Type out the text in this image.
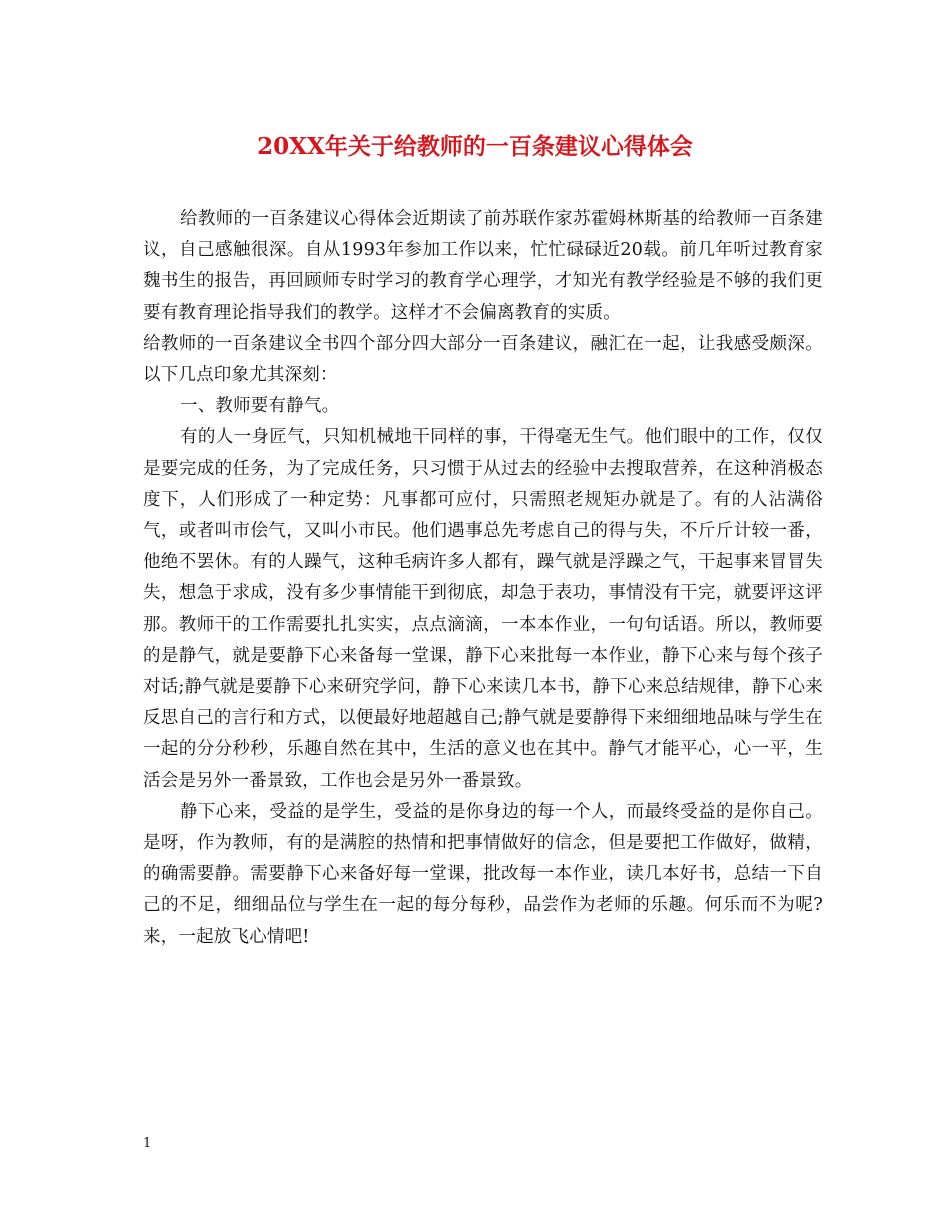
20XX年关于给教师的一百条建议心得体会

给教师的一百条建议心得体会近期读了前苏联作家苏霍姆林斯基的给教师一百条建议，自己感触很深。自从1993年参加工作以来，忙忙碌碌近20载。前几年听过教育家魏书生的报告，再回顾师专时学习的教育学心理学，才知光有教学经验是不够的我们更要有教育理论指导我们的教学。这样才不会偏离教育的实质。

给教师的一百条建议全书四个部分四大部分一百条建议，融汇在一起，让我感受颇深。以下几点印象尤其深刻：

一、教师要有静气。

有的人一身匠气，只知机械地干同样的事，干得毫无生气。他们眼中的工作，仅仅是要完成的任务，为了完成任务，只习惯于从过去的经验中去搜取营养，在这种消极态度下，人们形成了一种定势：凡事都可应付，只需照老规矩办就是了。有的人沾满俗气，或者叫市侩气，又叫小市民。他们遇事总先考虑自己的得与失，不斤斤计较一番，他绝不罢休。有的人躁气，这种毛病许多人都有，躁气就是浮躁之气，干起事来冒冒失失，想急于求成，没有多少事情能干到彻底，却急于表功，事情没有干完，就要评这评那。教师干的工作需要扎扎实实，点点滴滴，一本本作业，一句句话语。所以，教师要的是静气，就是要静下心来备每一堂课，静下心来批每一本作业，静下心来与每个孩子对话;静气就是要静下心来研究学问，静下心来读几本书，静下心来总结规律，静下心来反思自己的言行和方式，以便最好地超越自己;静气就是要静得下来细细地品味与学生在一起的分分秒秒，乐趣自然在其中，生活的意义也在其中。静气才能平心，心一平，生活会是另外一番景致，工作也会是另外一番景致。

静下心来，受益的是学生，受益的是你身边的每一个人，而最终受益的是你自己。是呀，作为教师，有的是满腔的热情和把事情做好的信念，但是要把工作做好，做精，的确需要静。需要静下心来备好每一堂课，批改每一本作业，读几本好书，总结一下自己的不足，细细品位与学生在一起的每分每秒，品尝作为老师的乐趣。何乐而不为呢?来，一起放飞心情吧!

1
